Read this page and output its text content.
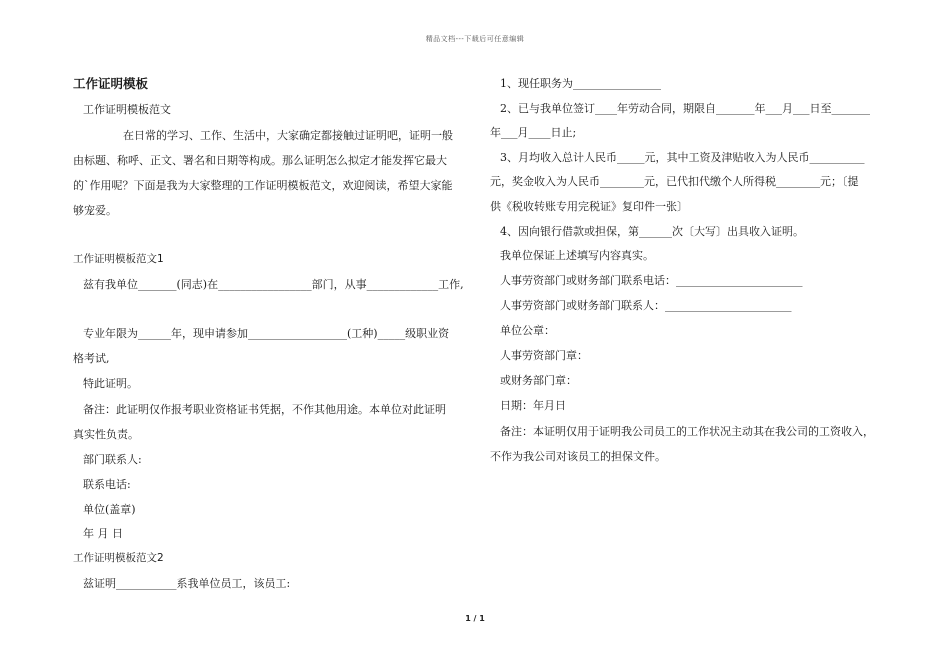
精品文档---下载后可任意编辑
工作证明模板
工作证明模板范文
在日常的学习、工作、生活中，大家确定都接触过证明吧，证明一般
由标题、称呼、正文、署名和日期等构成。那么证明怎么拟定才能发挥它最大
的`作用呢？下面是我为大家整理的工作证明模板范文，欢迎阅读，希望大家能
够宠爱。
工作证明模板范文1
兹有我单位_______(同志)在_________________部门，从事_____________工作,
专业年限为______年，现申请参加__________________(工种)_____级职业资
格考试,
特此证明。
备注：此证明仅作报考职业资格证书凭据，不作其他用途。本单位对此证明
真实性负责。
部门联系人:
联系电话:
单位(盖章)
年 月 日
工作证明模板范文2
兹证明___________系我单位员工，该员工:
1、现任职务为________________
2、已与我单位签订____年劳动合同，期限自_______年___月___日至_______
年___月____日止;
3、月均收入总计人民币_____元，其中工资及津贴收入为人民币__________
元，奖金收入为人民币________元，已代扣代缴个人所得税________元；〔提
供《税收转账专用完税证》复印件一张〕
4、因向银行借款或担保，第______次〔大写〕出具收入证明。
我单位保证上述填写内容真实。
人事劳资部门或财务部门联系电话：_______________________
人事劳资部门或财务部门联系人：_______________________
单位公章：
人事劳资部门章：
或财务部门章：
日期：年月日
备注：本证明仅用于证明我公司员工的工作状况主动其在我公司的工资收入，
不作为我公司对该员工的担保文件。
1 / 1
